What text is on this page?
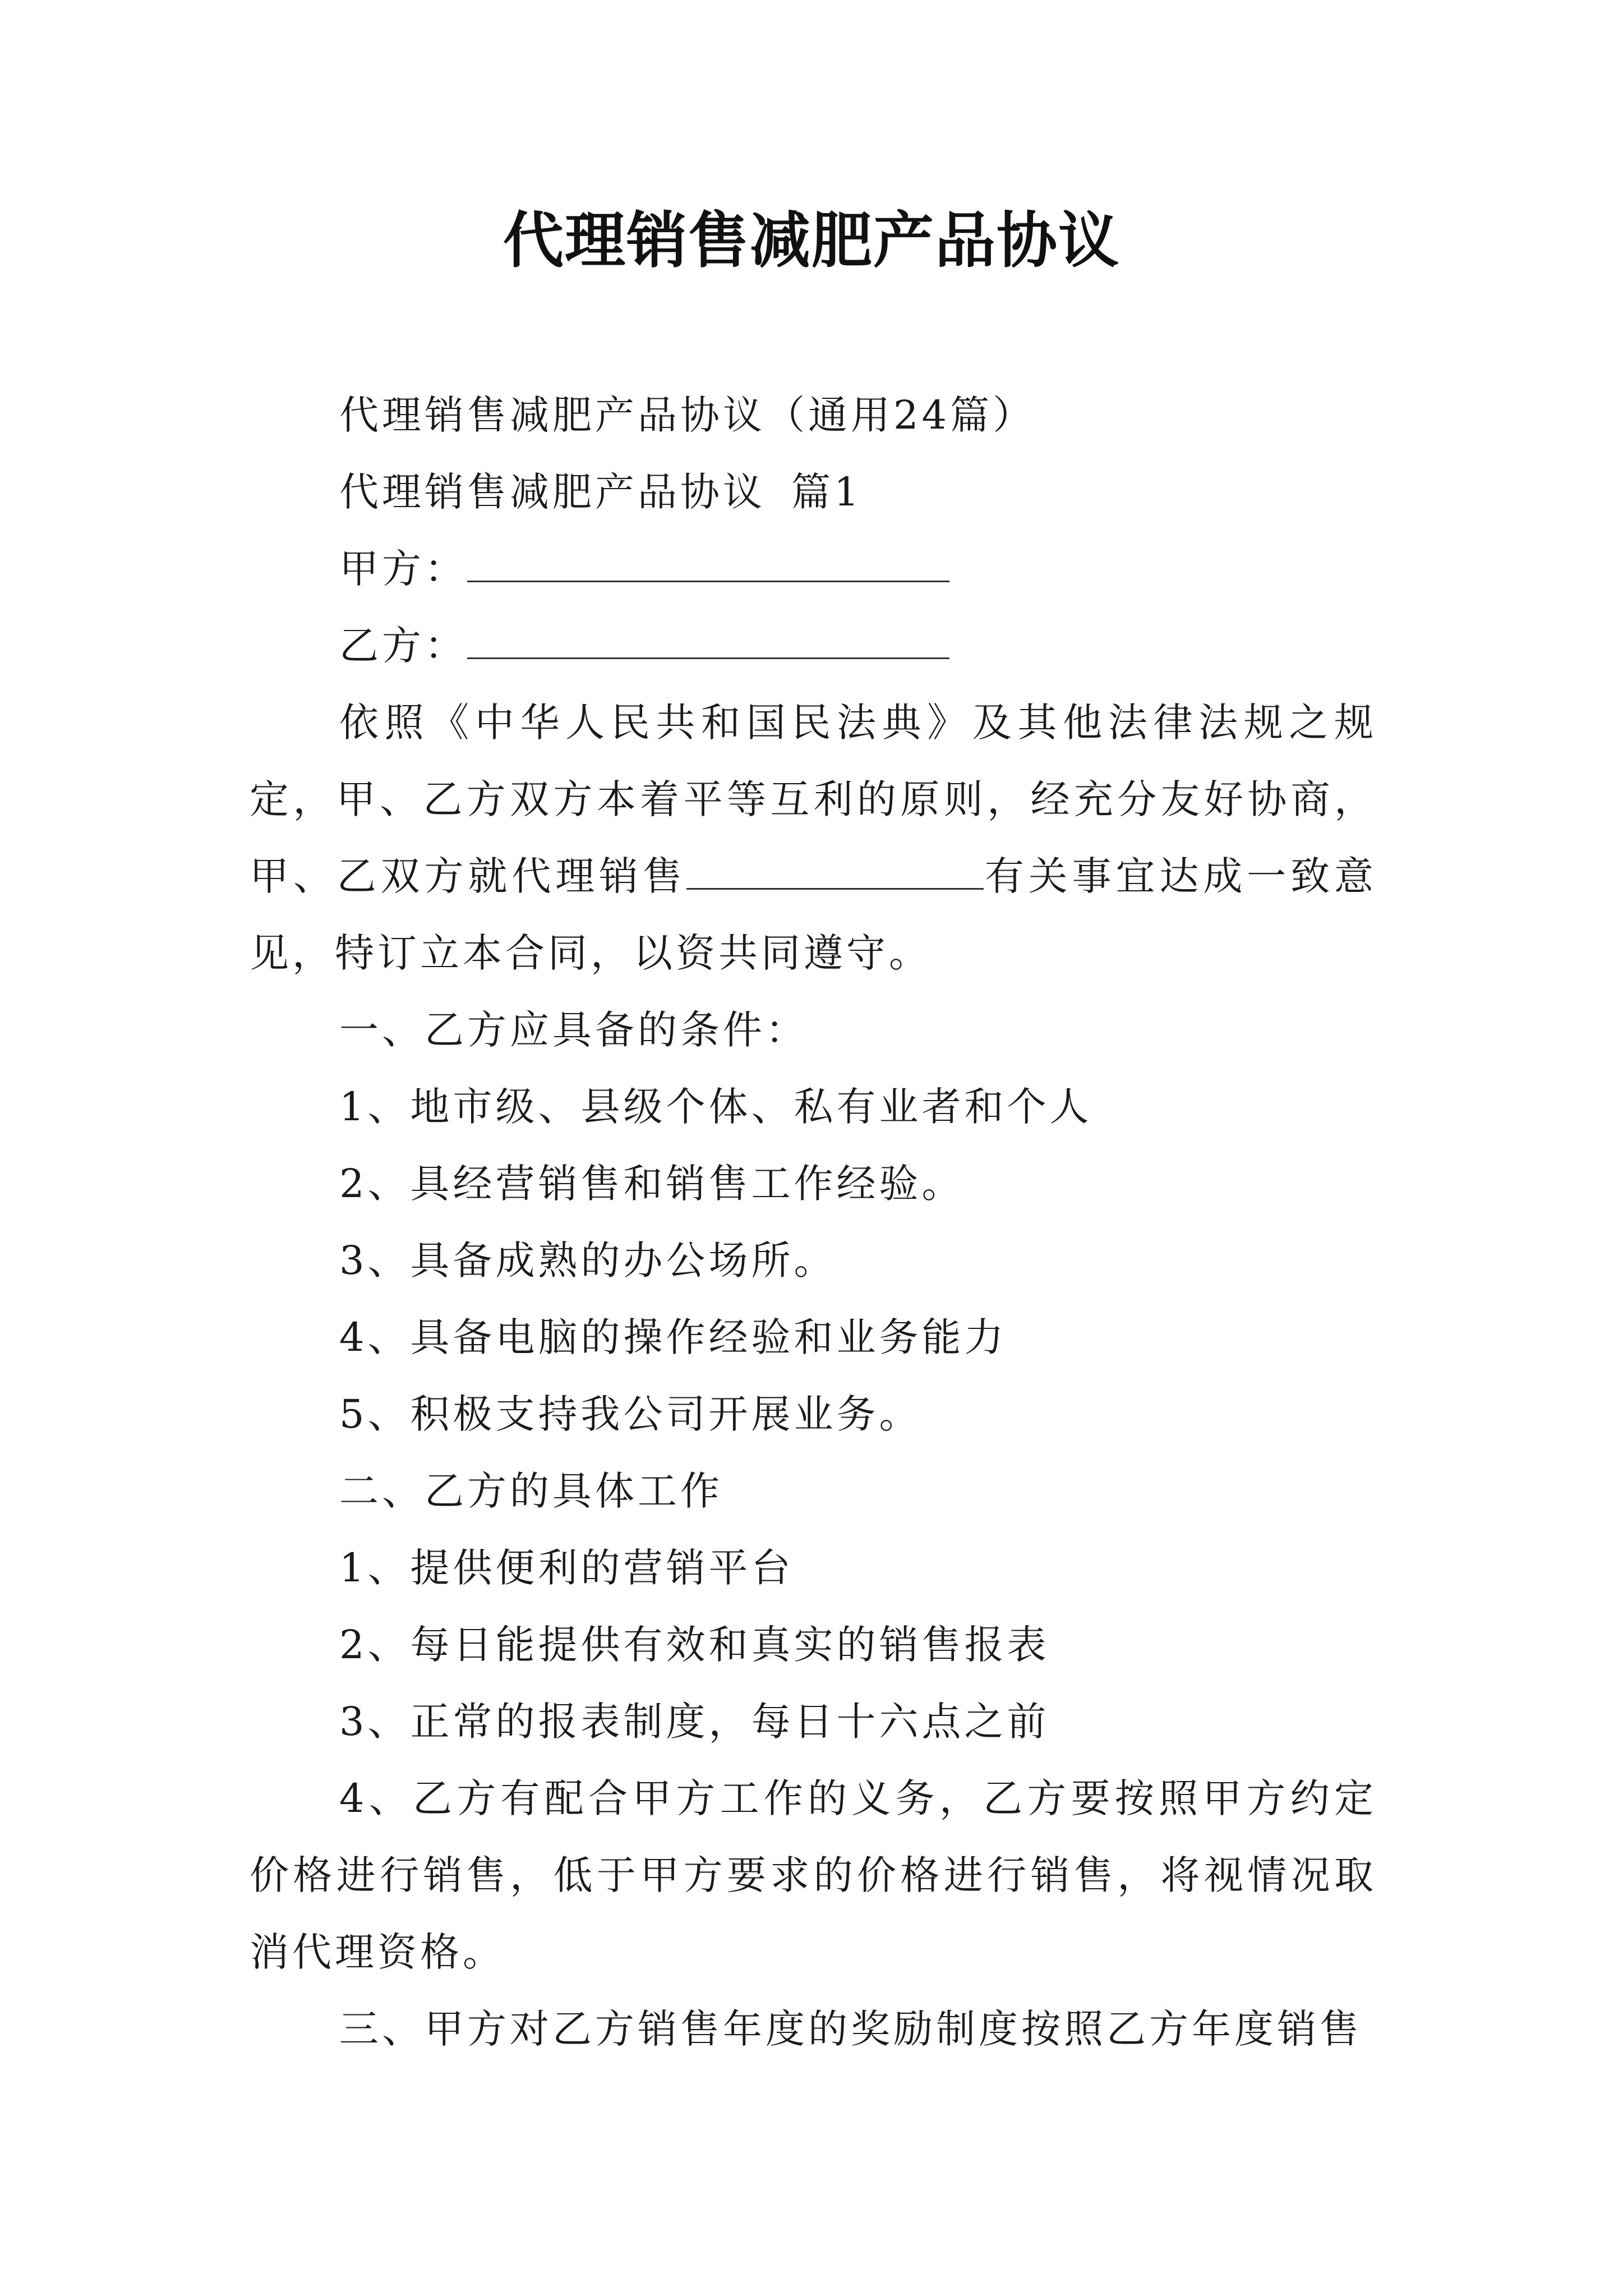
代理销售减肥产品协议

代理销售减肥产品协议（通用24篇）

代理销售减肥产品协议 篇1

甲方：

乙方：

依照《中华人民共和国民法典》及其他法律法规之规定，甲、乙方双方本着平等互利的原则，经充分友好协商，甲、乙双方就代理销售	有关事宜达成一致意见，特订立本合同，以资共同遵守。

一、乙方应具备的条件：

1、地市级、县级个体、私有业者和个人

2、具经营销售和销售工作经验。

3、具备成熟的办公场所。

4、具备电脑的操作经验和业务能力

5、积极支持我公司开展业务。

二、乙方的具体工作

1、提供便利的营销平台

2、每日能提供有效和真实的销售报表

3、正常的报表制度，每日十六点之前

4、乙方有配合甲方工作的义务，乙方要按照甲方约定价格进行销售，低于甲方要求的价格进行销售，将视情况取消代理资格。

三、甲方对乙方销售年度的奖励制度按照乙方年度销售
